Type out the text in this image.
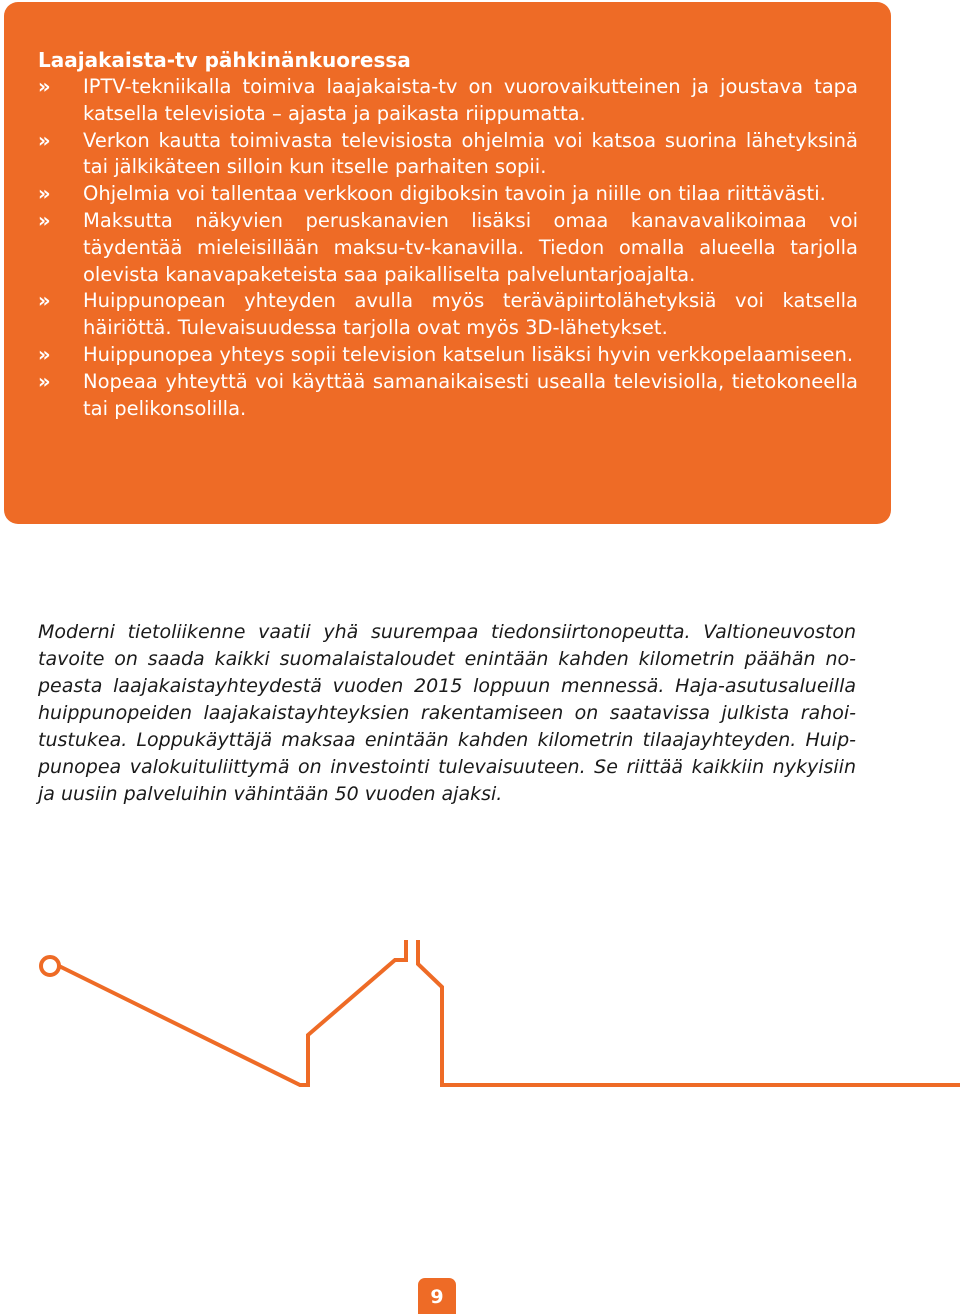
Laajakaista-tv pähkinänkuoressa
» IPTV-tekniikalla toimiva laajakaista-tv on vuorovaikutteinen ja joustava tapa katsella televisiota – ajasta ja paikasta riippumatta.
» Verkon kautta toimivasta televisiosta ohjelmia voi katsoa suorina lähetyksinä tai jälkikäteen silloin kun itselle parhaiten sopii.
» Ohjelmia voi tallentaa verkkoon digiboksin tavoin ja niille on tilaa riittävästi.
» Maksutta näkyvien peruskanavien lisäksi omaa kanavavalikoimaa voi täydentää mieleisillään maksu-tv-kanavilla. Tiedon omalla alueella tarjolla olevista kanavapaketeista saa paikalliselta palveluntarjoajalta.
» Huippunopean yhteyden avulla myös teräväpiirtolähetyksiä voi katsella häiriöttä. Tulevaisuudessa tarjolla ovat myös 3D-lähetykset.
» Huippunopea yhteys sopii television katselun lisäksi hyvin verkkopelaamiseen.
» Nopeaa yhteyttä voi käyttää samanaikaisesti usealla televisiolla, tietokoneella tai pelikonsolilla.

Moderni tietoliikenne vaatii yhä suurempaa tiedonsiirtonopeutta. Valtioneuvoston tavoite on saada kaikki suomalaistaloudet enintään kahden kilometrin päähän nopeasta laajakaistayhteydestä vuoden 2015 loppuun mennessä. Haja-asutusalueilla huippunopeiden laajakaistayhteyksien rakentamiseen on saatavissa julkista rahoitustukea. Loppukäyttäjä maksaa enintään kahden kilometrin tilaajayhteyden. Huippunopea valokuituliittymä on investointi tulevaisuuteen. Se riittää kaikkiin nykyisiin ja uusiin palveluihin vähintään 50 vuoden ajaksi.

9
